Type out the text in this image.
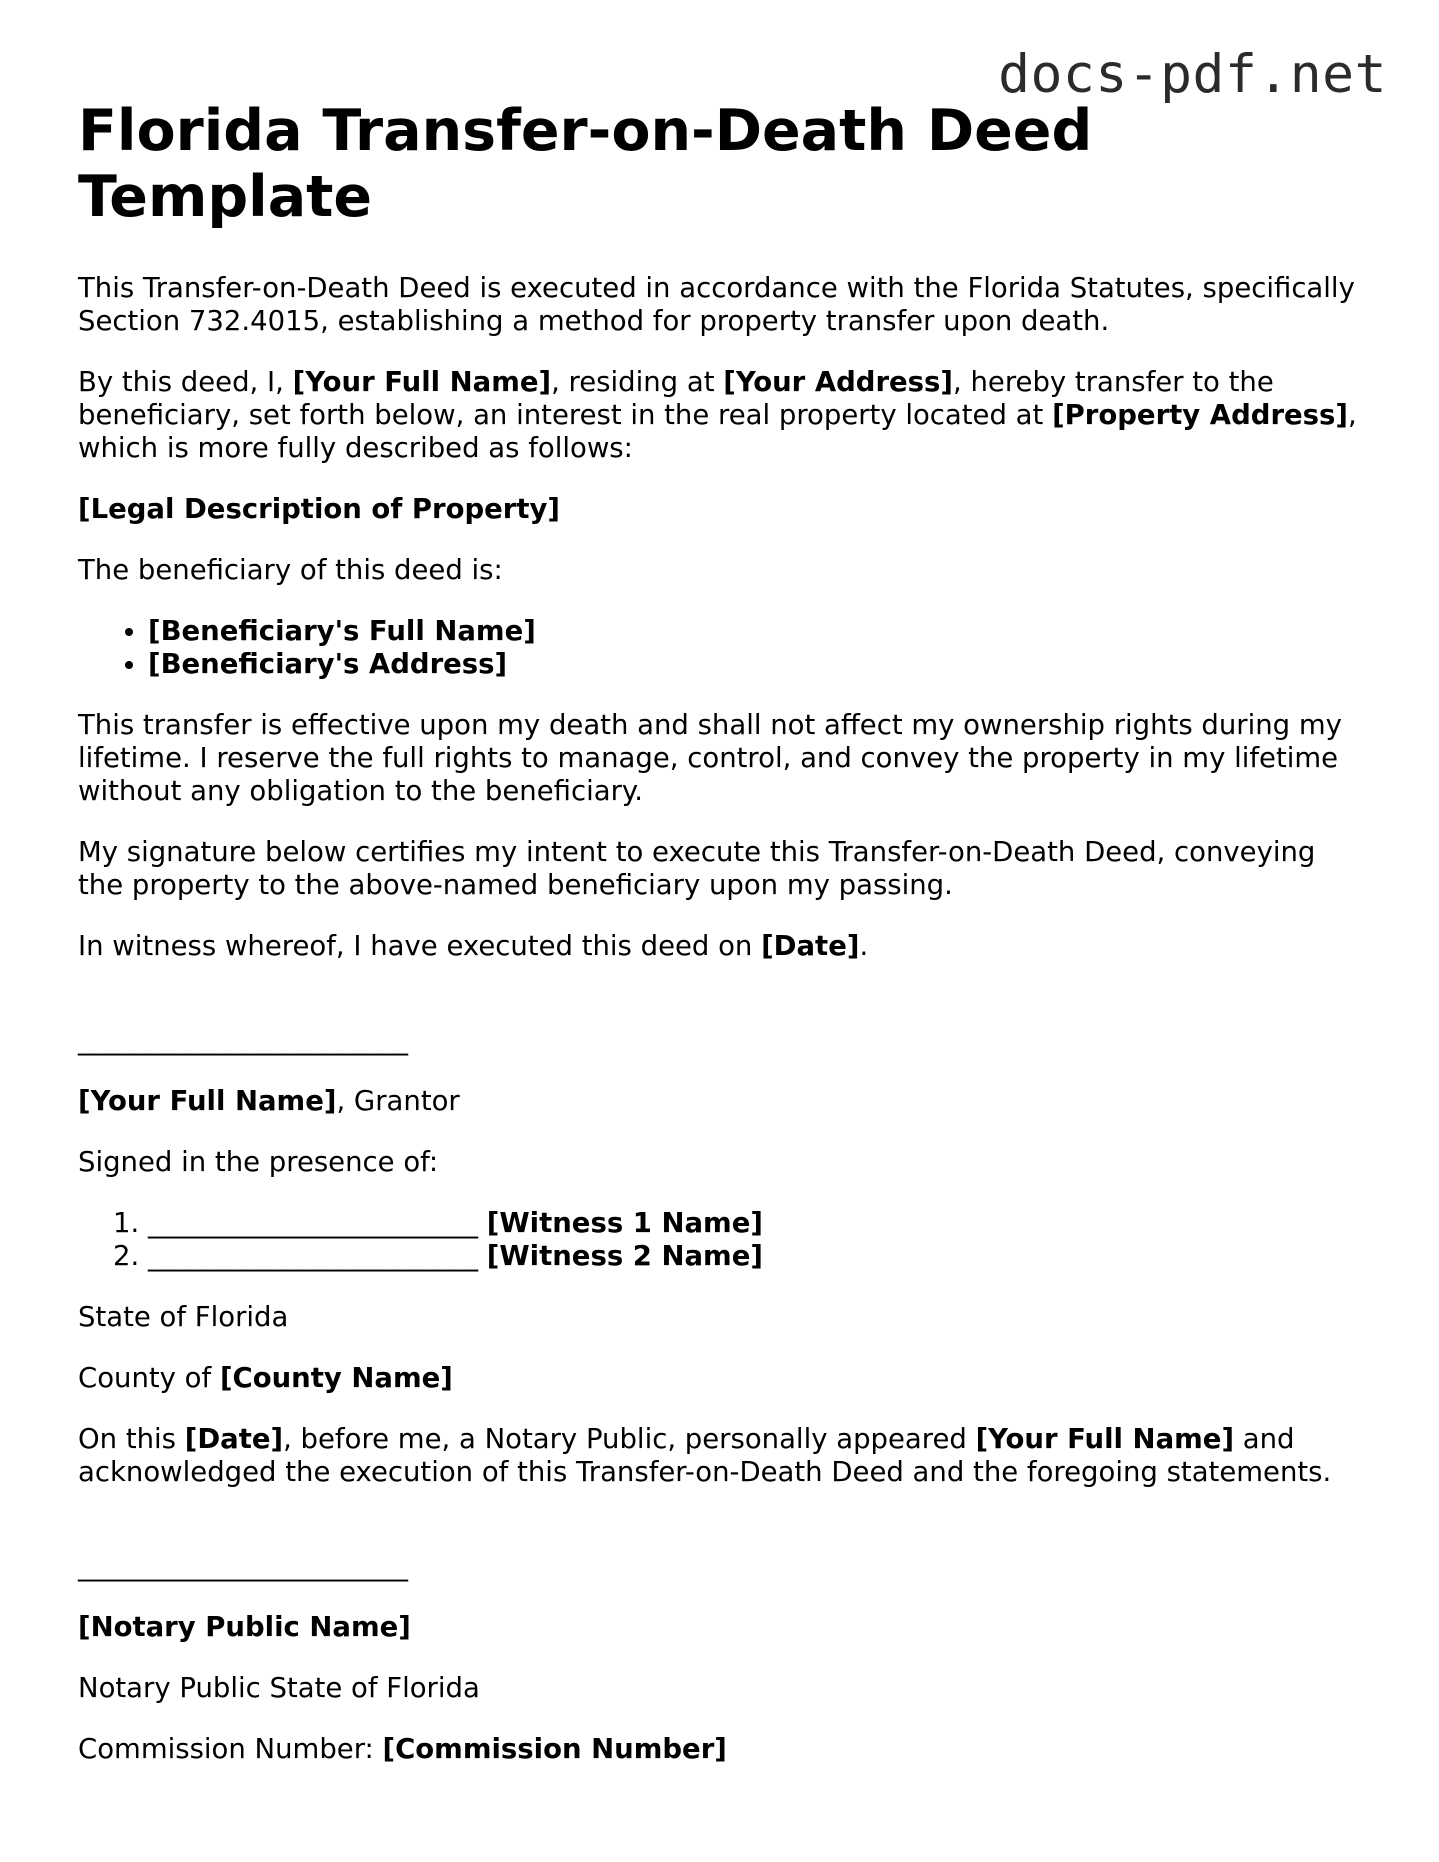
docs-pdf.net
Florida Transfer-on-Death Deed Template

This Transfer-on-Death Deed is executed in accordance with the Florida Statutes, specifically Section 732.4015, establishing a method for property transfer upon death.

By this deed, I, [Your Full Name], residing at [Your Address], hereby transfer to the beneficiary, set forth below, an interest in the real property located at [Property Address], which is more fully described as follows:

[Legal Description of Property]

The beneficiary of this deed is:

• [Beneficiary's Full Name]
• [Beneficiary's Address]

This transfer is effective upon my death and shall not affect my ownership rights during my lifetime. I reserve the full rights to manage, control, and convey the property in my lifetime without any obligation to the beneficiary.

My signature below certifies my intent to execute this Transfer-on-Death Deed, conveying the property to the above-named beneficiary upon my passing.

In witness whereof, I have executed this deed on [Date].

________________________

[Your Full Name], Grantor

Signed in the presence of:

1. ________________________ [Witness 1 Name]
2. ________________________ [Witness 2 Name]

State of Florida

County of [County Name]

On this [Date], before me, a Notary Public, personally appeared [Your Full Name] and acknowledged the execution of this Transfer-on-Death Deed and the foregoing statements.

________________________

[Notary Public Name]

Notary Public State of Florida

Commission Number: [Commission Number]
